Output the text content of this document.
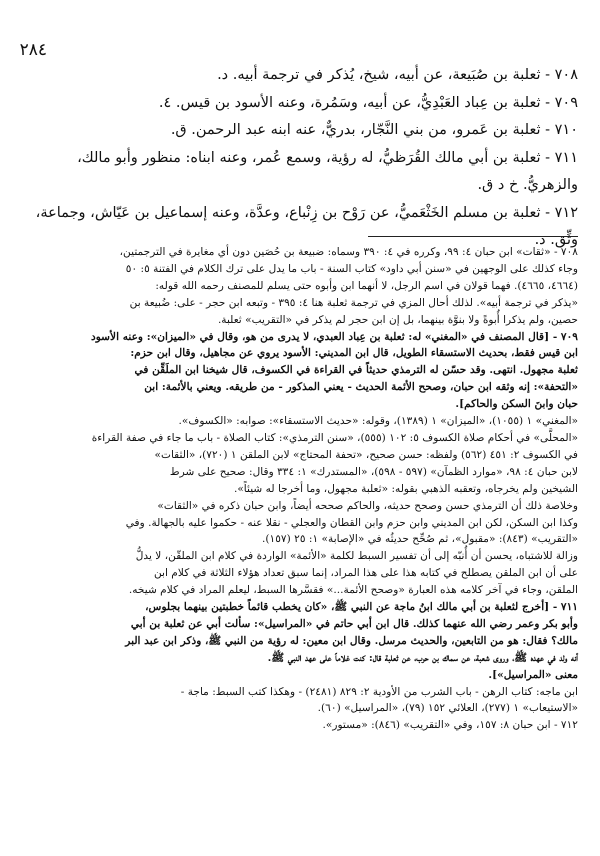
٢٨٤

٧٠٨ - ثعلبة بن صُبَيعة، عن أبيه، شيخ، يُذكر في ترجمة أبيه. د.

٧٠٩ - ثعلبة بن عِباد العَبْدِيُّ، عن أبيه، وسَمُرة، وعنه الأسود بن قيس. ٤.

٧١٠ - ثعلبة بن عَمرو، من بني النَّجّار، بدريٌّ، عنه ابنه عبد الرحمن. ق.

٧١١ - ثعلبة بن أبي مالك القُرَظيُّ، له رؤية، وسمع عُمر، وعنه ابناه: منظور وأبو مالك، والزهريُّ. خ د ق.

٧١٢ - ثعلبة بن مسلم الخَثْعَميُّ، عن رَوْح بن زِنْباع، وعدَّة، وعنه إسماعيل بن عَيّاش، وجماعة، وثِّق. د.

٧٠٨ - «ثقات» ابن حبان ٤: ٩٩، وكرره في ٤: ٣٩٠ وسماه: ضبيعة بن حُصَين دون أي مغايرة في الترجمتين،
وجاء كذلك على الوجهين في «سنن أبي داود» كتاب السنة - باب ما يدل على ترك الكلام في الفتنة ٥: ٥٠
(٤٦٦٤، ٤٦٦٥). فهما قولان في اسم الرجل، لا أنهما ابن وأبوه حتى يسلم للمصنف رحمه الله قوله:
«يذكر في ترجمة أبيه». لذلك أحال المزي في ترجمة ثعلبة هنا ٤: ٣٩٥ - وتبعه ابن حجر - على: ضُبيعة بن
حصين، ولم يذكرا أُبوةً ولا بنوَّة بينهما، بل إن ابن حجر لم يذكر في «التقريب» ثعلبة.
٧٠٩ - [قال المصنف في «المغني» له: ثعلبة بن عِباد العبدي، لا يدرى من هو، وقال في «الميزان»: وعنه الأسود
ابن قيس فقط، بحديث الاستسقاء الطويل، قال ابن المديني: الأسود يروي عن مجاهيل، وقال ابن حزم:
ثعلبة مجهول. انتهى. وقد حسّن له الترمذي حديثاً في القراءة في الكسوف، قال شيخنا ابن الملَقِّن في
«التحفة»: إنه وثقه ابن حبان، وصحح الأئمة الحديث - يعني المذكور - من طريقه. ويعني بالأئمة: ابن
حبان وابنَ السكن والحاكم].
«المغني» ١ (١٠٥٥)، «الميزان» ١ (١٣٨٩)، وقوله: «حديث الاستسقاء»: صوابه: «الكسوف».
«المحلَّى» في أحكام صلاة الكسوف ٥: ١٠٢ (٥٥٥)، «سنن الترمذي»: كتاب الصلاة - باب ما جاء في صفة القراءة
في الكسوف ٢: ٤٥١ (٥٦٢) ولفظه: حسن صحيح، «تحفة المحتاج» لابن الملقن ١ (٧٢٠)، «الثقات»
لابن حبان ٤: ٩٨، «موارد الظمآن» (٥٩٧ - ٥٩٨)، «المستدرك» ١: ٣٣٤ وقال: صحيح على شرط
الشيخين ولم يخرجاه، وتعقبه الذهبي بقوله: «ثعلبة مجهول، وما أخرجا له شيئاً».
وخلاصة ذلك أن الترمذي حسن وصحح حديثه، والحاكم صححه أيضاً، وابن حبان ذكره في «الثقات»
وكذا ابن السكن، لكن ابن المديني وابن حزم وابن القطان والعجلي - نقلا عنه - حكموا عليه بالجهالة. وفي
«التقريب» (٨٤٣): «مقبول»، ثم صُحِّح حديثُه في «الإصابة» ١: ٢٥ (١٥٧).
وزالة للاشتباه، يحسن أن أُنبّه إلى أن تفسير السبط لكلمة «الأئمة» الواردة في كلام ابن الملقّن، لا يدلُّ
على أن ابن الملقن يصطلح في كتابه هذا على هذا المراد، إنما سبق تعداد هؤلاء الثلاثة في كلام ابن
الملقن، وجاء في آخر كلامه هذه العبارة «وصحح الأئمة...» فقسَّرها السبط، ليعلم المراد في كلام شيخه.
٧١١ - [أخرج لثعلبة بن أبي مالك ابنُ ماجة عن النبي ﷺ، «كان يخطب قائماً خطبتين بينهما بجلوس،
وأبو بكر وعمر رضي الله عنهما كذلك. قال ابن أبي حاتم في «المراسيل»: سألت أبي عن ثعلبة بن أبي
مالك؟ فقال: هو من التابعين، والحديث مرسل. وقال ابن معين: له رؤية من النبي ﷺ، وذكر ابن عبد البر
أنه ولد في عهده ﷺ، وروى شعبة، عن سماك بن حرب، عن ثعلبة قال: كنت غلاماً على عهد النبي ﷺ.
معنى «المراسيل»].
ابن ماجه: كتاب الرهن - باب الشرب من الأودية ٢: ٨٢٩ (٢٤٨١) - وهكذا كتب السبط: ماجة -
«الاستيعاب» ١ (٢٧٧)، العلائي ١٥٢ (٧٩)، «المراسيل» (٦٠).
٧١٢ - ابن حبان ٨: ١٥٧، وفي «التقريب» (٨٤٦): «مستور».
